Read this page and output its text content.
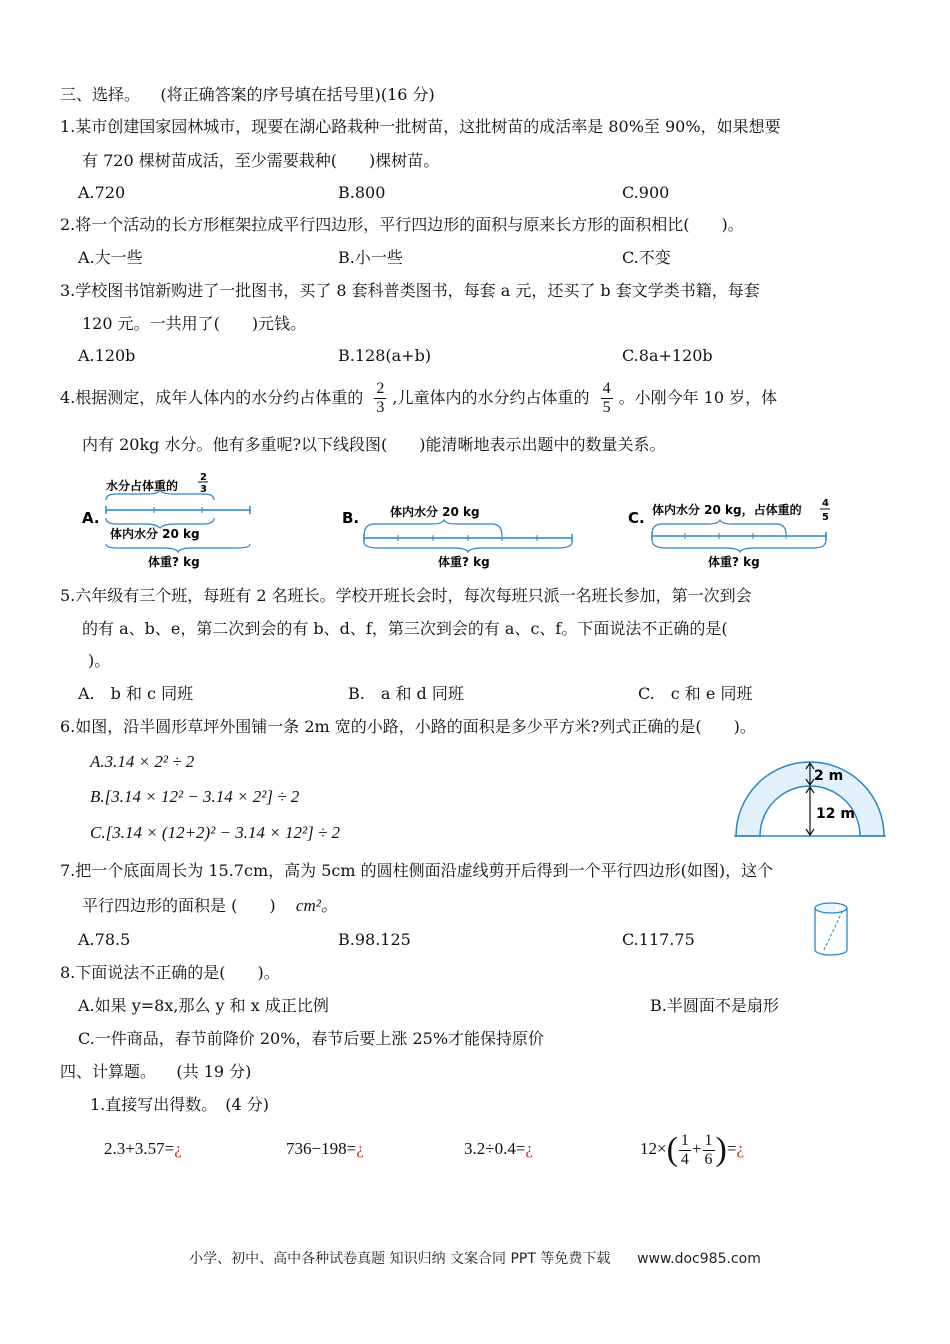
三、选择。 (将正确答案的序号填在括号里)(16 分)
1.某市创建国家园林城市，现要在湖心路栽种一批树苗，这批树苗的成活率是 80%至 90%，如果想要
有 720 棵树苗成活，至少需要栽种(　　)棵树苗。
A.720	B.800	C.900
2.将一个活动的长方形框架拉成平行四边形，平行四边形的面积与原来长方形的面积相比(　　)。
A.大一些	B.小一些	C.不变
3.学校图书馆新购进了一批图书，买了 8 套科普类图书，每套 a 元，还买了 b 套文学类书籍，每套
120 元。一共用了(　　)元钱。
A.120b	B.128(a+b)	C.8a+120b
4.根据测定，成年人体内的水分约占体重的 $\frac{2}{3}$ ,儿童体内的水分约占体重的 $\frac{4}{5}$ 。小刚今年 10 岁，体
内有 20kg 水分。他有多重呢?以下线段图(　　)能清晰地表示出题中的数量关系。
A.
水分占体重的
2
3
体内水分 20 kg
体重? kg
B.	体内水分 20 kg
体重? kg
C. 体内水分 20 kg，占体重的 4
5
体重? kg
5.六年级有三个班，每班有 2 名班长。学校开班长会时，每次每班只派一名班长参加，第一次到会
的有 a、b、e，第二次到会的有 b、d、f，第三次到会的有 a、c、f。下面说法不正确的是(
)。
A.　b 和 c 同班	B.　a 和 d 同班	C.　c 和 e 同班
6.如图，沿半圆形草坪外围铺一条 2m 宽的小路，小路的面积是多少平方米?列式正确的是(　　)。
A.3.14 × 2² ÷ 2
B.[3.14 × 12² − 3.14 × 2²] ÷ 2
C.[3.14 × (12+2)² − 3.14 × 12²] ÷ 2
2 m
12 m
7.把一个底面周长为 15.7cm，高为 5cm 的圆柱侧面沿虚线剪开后得到一个平行四边形(如图)，这个
平行四边形的面积是 (　　) cm²。
A.78.5	B.98.125	C.117.75
8.下面说法不正确的是(　　)。
A.如果 y=8x,那么 y 和 x 成正比例	B.半圆面不是扇形
C.一件商品，春节前降价 20%，春节后要上涨 25%才能保持原价
四、计算题。 (共 19 分)
1.直接写出得数。　(4 分)
2.3+3.57=¿	736−198=¿	3.2÷0.4=¿	$12\times( \frac{1}{4} + \frac{1}{6}$ )=¿
小学、初中、高中各种试卷真题 知识归纳 文案合同 PPT 等免费下载 www.doc985.com
